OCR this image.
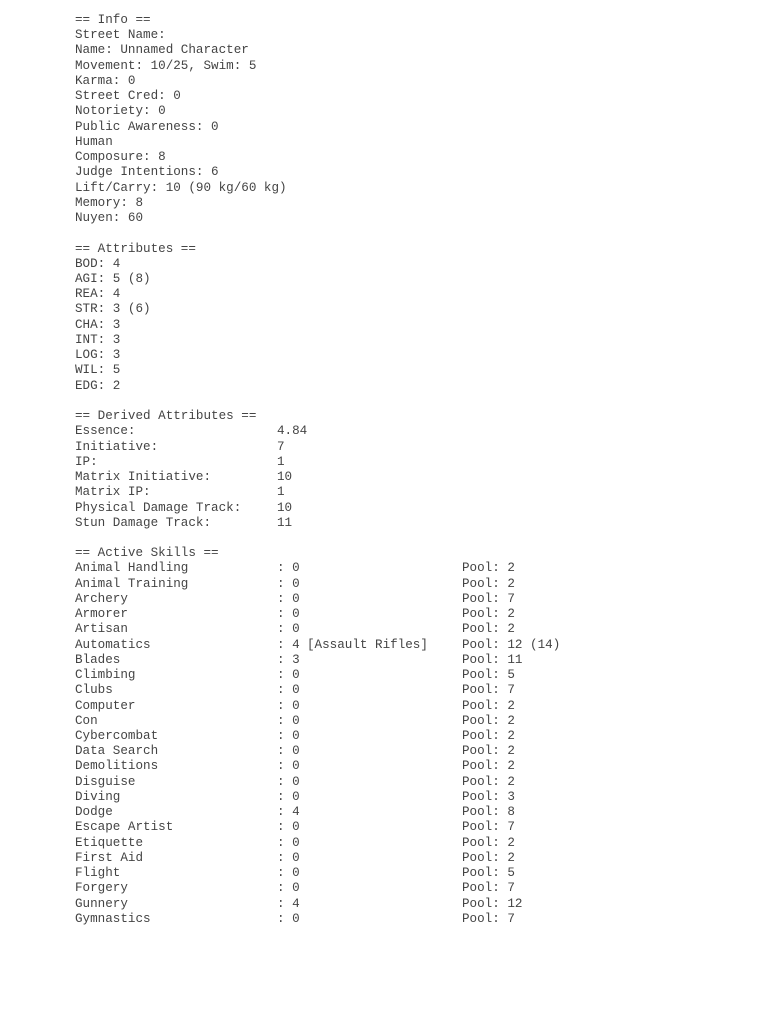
== Info ==
Street Name:
Name: Unnamed Character
Movement: 10/25, Swim: 5
Karma: 0
Street Cred: 0
Notoriety: 0
Public Awareness: 0
Human
Composure: 8
Judge Intentions: 6
Lift/Carry: 10 (90 kg/60 kg)
Memory: 8
Nuyen: 60
== Attributes ==
BOD: 4
AGI: 5 (8)
REA: 4
STR: 3 (6)
CHA: 3
INT: 3
LOG: 3
WIL: 5
EDG: 2
== Derived Attributes ==
Essence:	4.84
Initiative:	7
IP:	1
Matrix Initiative:	10
Matrix IP:	1
Physical Damage Track:	10
Stun Damage Track:	11
== Active Skills ==
Animal Handling	: 0	Pool: 2
Animal Training	: 0	Pool: 2
Archery	: 0	Pool: 7
Armorer	: 0	Pool: 2
Artisan	: 0	Pool: 2
Automatics	: 4 [Assault Rifles]	Pool: 12 (14)
Blades	: 3	Pool: 11
Climbing	: 0	Pool: 5
Clubs	: 0	Pool: 7
Computer	: 0	Pool: 2
Con	: 0	Pool: 2
Cybercombat	: 0	Pool: 2
Data Search	: 0	Pool: 2
Demolitions	: 0	Pool: 2
Disguise	: 0	Pool: 2
Diving	: 0	Pool: 3
Dodge	: 4	Pool: 8
Escape Artist	: 0	Pool: 7
Etiquette	: 0	Pool: 2
First Aid	: 0	Pool: 2
Flight	: 0	Pool: 5
Forgery	: 0	Pool: 7
Gunnery	: 4	Pool: 12
Gymnastics	: 0	Pool: 7
